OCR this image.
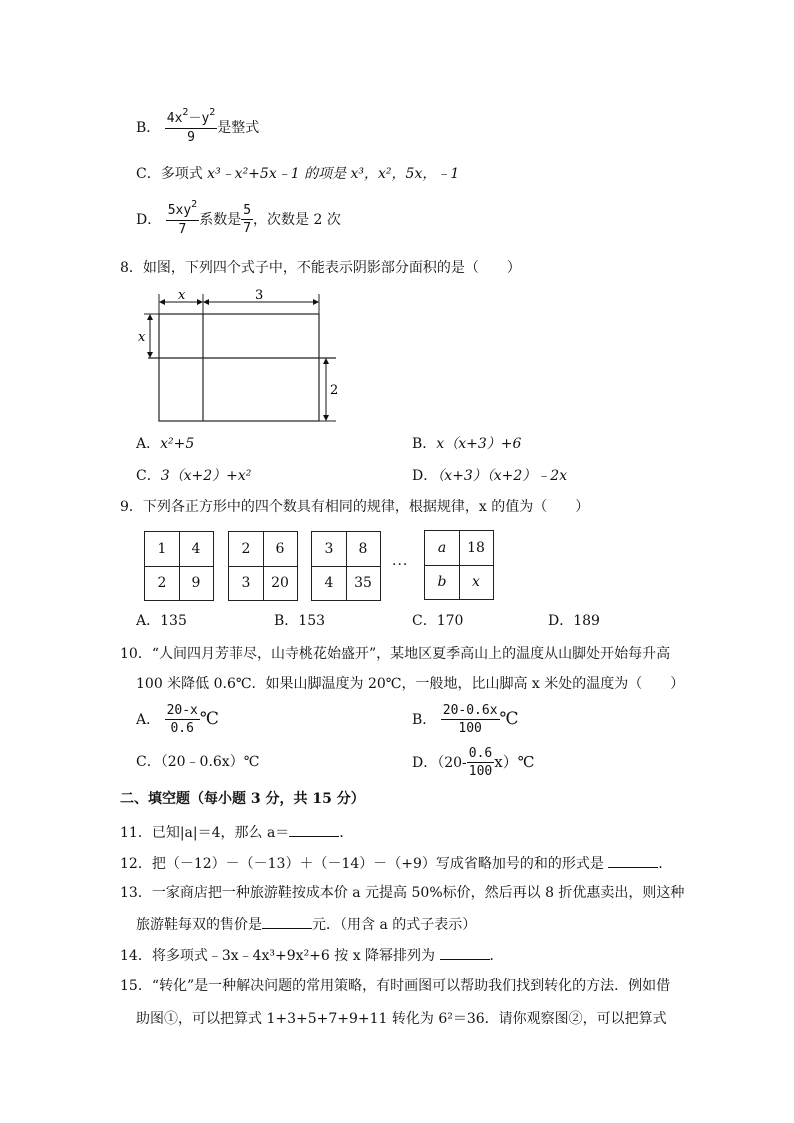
B． $\frac{4x^2-y^2}{9}$ 是整式
C．多项式 x³﹣x²+5x﹣1 的项是 x³，x²，5x，﹣1
D． $\frac{5xy^2}{7}$ 系数是 $\frac{5}{7}$ ，次数是 2 次
8．如图，下列四个式子中，不能表示阴影部分面积的是（　　）
x	3
x
2
A．x²+5	B．x（x+3）+6
C．3（x+2）+x²	D．（x+3）（x+2）﹣2x
9．下列各正方形中的四个数具有相同的规律，根据规律，x 的值为（　　）
1	4
2	9
2	6
3	20
3	8
4	35
···
a	18
b	x
A．135	B．153	C．170	D．189
10．“人间四月芳菲尽，山寺桃花始盛开”，某地区夏季高山上的温度从山脚处开始每升高
100 米降低 0.6℃．如果山脚温度为 20℃，一般地，比山脚高 x 米处的温度为（　　）
A． $\frac{20-x}{0.6}$ ℃	B． $\frac{20-0.6x}{100}$ ℃
C．（20﹣0.6x）℃	D．（$20- \frac{0.6}{100}$ x）℃
二、填空题（每小题 3 分，共 15 分）
11．已知|a|＝4，那么 a＝	．
12．把（－12）－（－13）＋（－14）－（+9）写成省略加号的和的形式是	．
13．一家商店把一种旅游鞋按成本价 a 元提高 50%标价，然后再以 8 折优惠卖出，则这种
旅游鞋每双的售价是	元．（用含 a 的式子表示）
14．将多项式﹣3x﹣4x³+9x²+6 按 x 降幂排列为	．
15．“转化”是一种解决问题的常用策略，有时画图可以帮助我们找到转化的方法．例如借
助图①，可以把算式 1+3+5+7+9+11 转化为 6²＝36．请你观察图②，可以把算式
